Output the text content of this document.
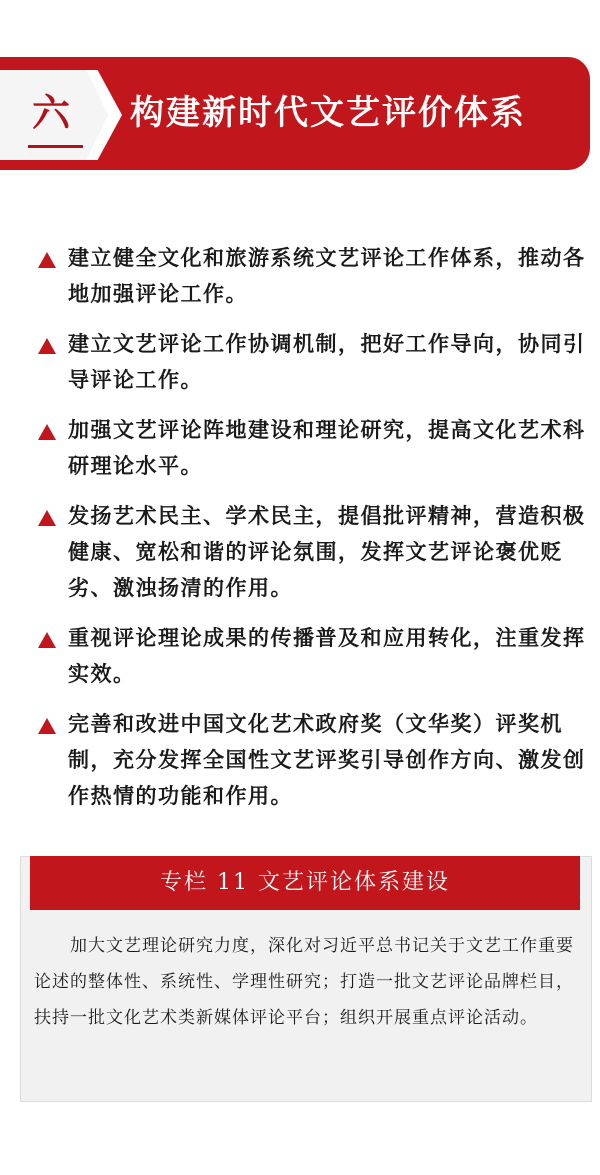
六 构建新时代文艺评价体系
建立健全文化和旅游系统文艺评论工作体系，推动各地加强评论工作。
建立文艺评论工作协调机制，把好工作导向，协同引导评论工作。
加强文艺评论阵地建设和理论研究，提高文化艺术科研理论水平。
发扬艺术民主、学术民主，提倡批评精神，营造积极健康、宽松和谐的评论氛围，发挥文艺评论褒优贬劣、激浊扬清的作用。
重视评论理论成果的传播普及和应用转化，注重发挥实效。
完善和改进中国文化艺术政府奖（文华奖）评奖机制，充分发挥全国性文艺评奖引导创作方向、激发创作热情的功能和作用。
专栏 11 文艺评论体系建设
加大文艺理论研究力度，深化对习近平总书记关于文艺工作重要论述的整体性、系统性、学理性研究；打造一批文艺评论品牌栏目，扶持一批文化艺术类新媒体评论平台；组织开展重点评论活动。
